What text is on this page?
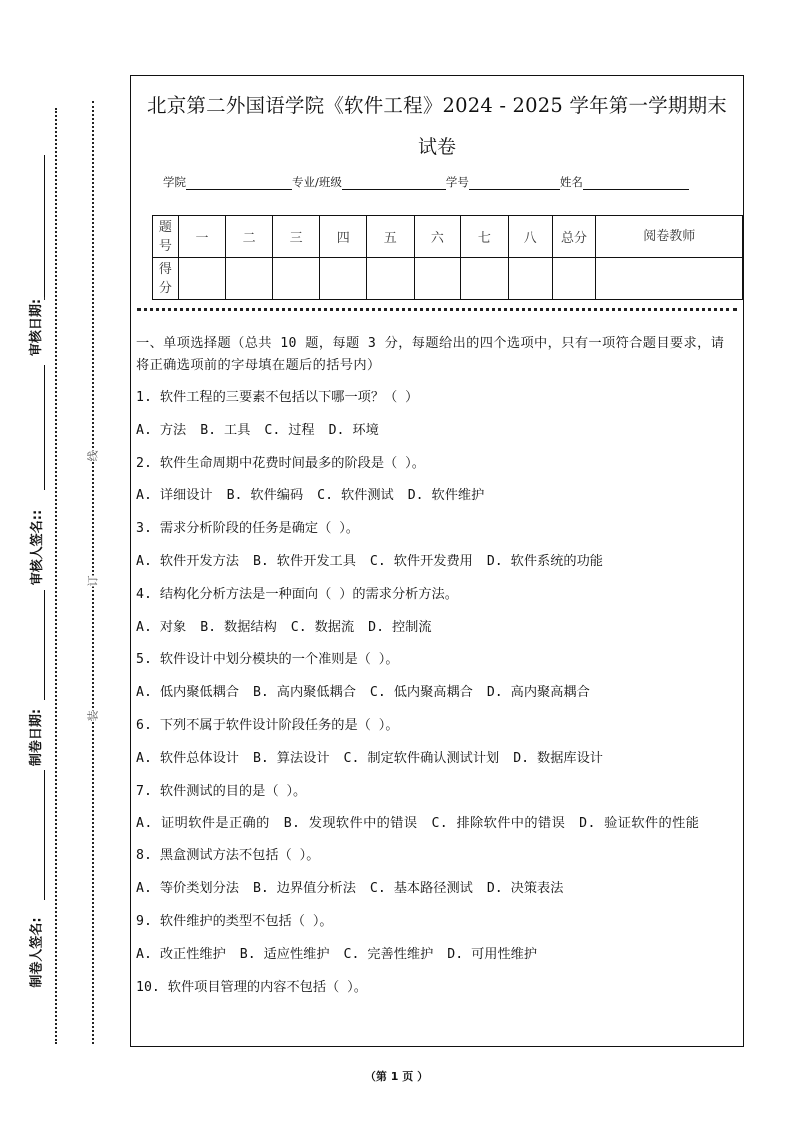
审核日期:
审核人签名::
制卷日期:
制卷人签名:
线
订
装
北京第二外国语学院《软件工程》2024 - 2025 学年第一学期期末
试卷
学院	专业/班级	学号	姓名
题号	一	二	三	四	五	六	七	八	总分	阅卷教师
得分										
一、单项选择题（总共 10 题，每题 3 分，每题给出的四个选项中，只有一项符合题目要求，请将正确选项前的字母填在题后的括号内）
1. 软件工程的三要素不包括以下哪一项？（ ）
A. 方法 B. 工具 C. 过程 D. 环境
2. 软件生命周期中花费时间最多的阶段是（ ）。
A. 详细设计 B. 软件编码 C. 软件测试 D. 软件维护
3. 需求分析阶段的任务是确定（ ）。
A. 软件开发方法 B. 软件开发工具 C. 软件开发费用 D. 软件系统的功能
4. 结构化分析方法是一种面向（ ）的需求分析方法。
A. 对象 B. 数据结构 C. 数据流 D. 控制流
5. 软件设计中划分模块的一个准则是（ ）。
A. 低内聚低耦合 B. 高内聚低耦合 C. 低内聚高耦合 D. 高内聚高耦合
6. 下列不属于软件设计阶段任务的是（ ）。
A. 软件总体设计 B. 算法设计 C. 制定软件确认测试计划 D. 数据库设计
7. 软件测试的目的是（ ）。
A. 证明软件是正确的 B. 发现软件中的错误 C. 排除软件中的错误 D. 验证软件的性能
8. 黑盒测试方法不包括（ ）。
A. 等价类划分法 B. 边界值分析法 C. 基本路径测试 D. 决策表法
9. 软件维护的类型不包括（ ）。
A. 改正性维护 B. 适应性维护 C. 完善性维护 D. 可用性维护
10. 软件项目管理的内容不包括（ ）。
（第 1 页 ）
